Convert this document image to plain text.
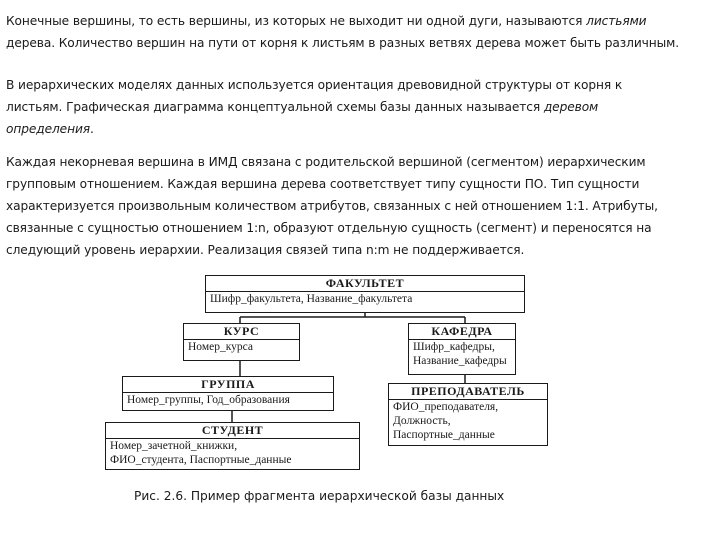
Конечные вершины, то есть вершины, из которых не выходит ни одной дуги, называются листьями
дерева. Количество вершин на пути от корня к листьям в разных ветвях дерева может быть различным.
В иерархических моделях данных используется ориентация древовидной структуры от корня к
листьям. Графическая диаграмма концептуальной схемы базы данных называется деревом
определения.
Каждая некорневая вершина в ИМД связана с родительской вершиной (сегментом) иерархическим
групповым отношением. Каждая вершина дерева соответствует типу сущности ПО. Тип сущности
характеризуется произвольным количеством атрибутов, связанных с ней отношением 1:1. Атрибуты,
связанные с сущностью отношением 1:n, образуют отдельную сущность (сегмент) и переносятся на
следующий уровень иерархии. Реализация связей типа n:m не поддерживается.
ФАКУЛЬТЕТ
Шифр_факультета, Название_факультета
КУРС
Номер_курса
КАФЕДРА
Шифр_кафедры,
Название_кафедры
ГРУППА
Номер_группы, Год_образования
ПРЕПОДАВАТЕЛЬ
ФИО_преподавателя,
Должность,
Паспортные_данные
СТУДЕНТ
Номер_зачетной_книжки,
ФИО_студента, Паспортные_данные
Рис. 2.6. Пример фрагмента иерархической базы данных
